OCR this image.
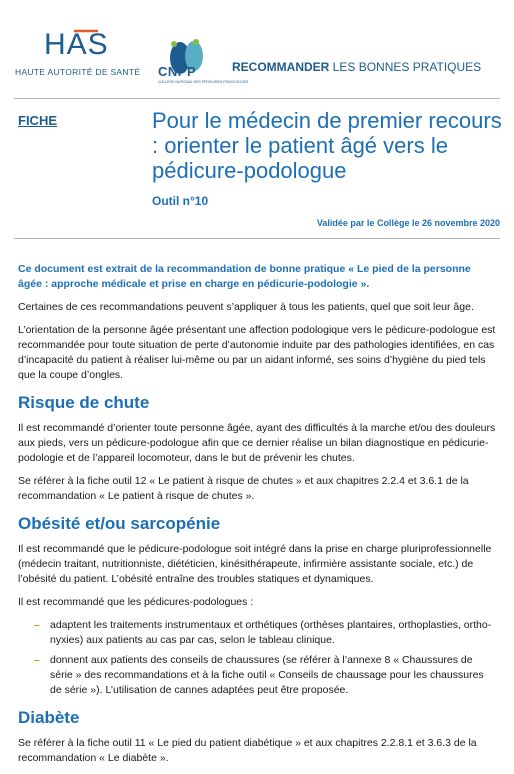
HAS
HAUTE AUTORITÉ DE SANTÉ CNPP
COLLÈGE NATIONAL DES PÉDICURES-PODOLOGUES
RECOMMANDER LES BONNES PRATIQUES
FICHE	Pour le médecin de premier recours : orienter le patient âgé vers le pédicure-podologue
Outil n°10
Validée par le Collège le 26 novembre 2020

Ce document est extrait de la recommandation de bonne pratique « Le pied de la personne âgée : approche médicale et prise en charge en pédicurie-podologie ».

Certaines de ces recommandations peuvent s’appliquer à tous les patients, quel que soit leur âge.

L’orientation de la personne âgée présentant une affection podologique vers le pédicure-podologue est recommandée pour toute situation de perte d’autonomie induite par des pathologies identifiées, en cas d’incapacité du patient à réaliser lui-même ou par un aidant informé, ses soins d’hygiène du pied tels que la coupe d’ongles.

Risque de chute

Il est recommandé d’orienter toute personne âgée, ayant des difficultés à la marche et/ou des douleurs aux pieds, vers un pédicure-podologue afin que ce dernier réalise un bilan diagnostique en pédicurie-podologie et de l’appareil locomoteur, dans le but de prévenir les chutes.

Se référer à la fiche outil 12 « Le patient à risque de chutes » et aux chapitres 2.2.4 et 3.6.1 de la recommandation « Le patient à risque de chutes ».

Obésité et/ou sarcopénie

Il est recommandé que le pédicure-podologue soit intégré dans la prise en charge pluriprofessionnelle (médecin traitant, nutritionniste, diététicien, kinésithérapeute, infirmière assistante sociale, etc.) de l’obésité du patient. L’obésité entraîne des troubles statiques et dynamiques.

Il est recommandé que les pédicures-podologues :

– adaptent les traitements instrumentaux et orthétiques (orthèses plantaires, orthoplasties, ortho-nyxies) aux patients au cas par cas, selon le tableau clinique.
– donnent aux patients des conseils de chaussures (se référer à l’annexe 8 « Chaussures de série » des recommandations et à la fiche outil « Conseils de chaussage pour les chaussures de série »). L’utilisation de cannes adaptées peut être proposée.
Diabète

Se référer à la fiche outil 11 « Le pied du patient diabétique » et aux chapitres 2.2.8.1 et 3.6.3 de la recommandation « Le diabète ».
